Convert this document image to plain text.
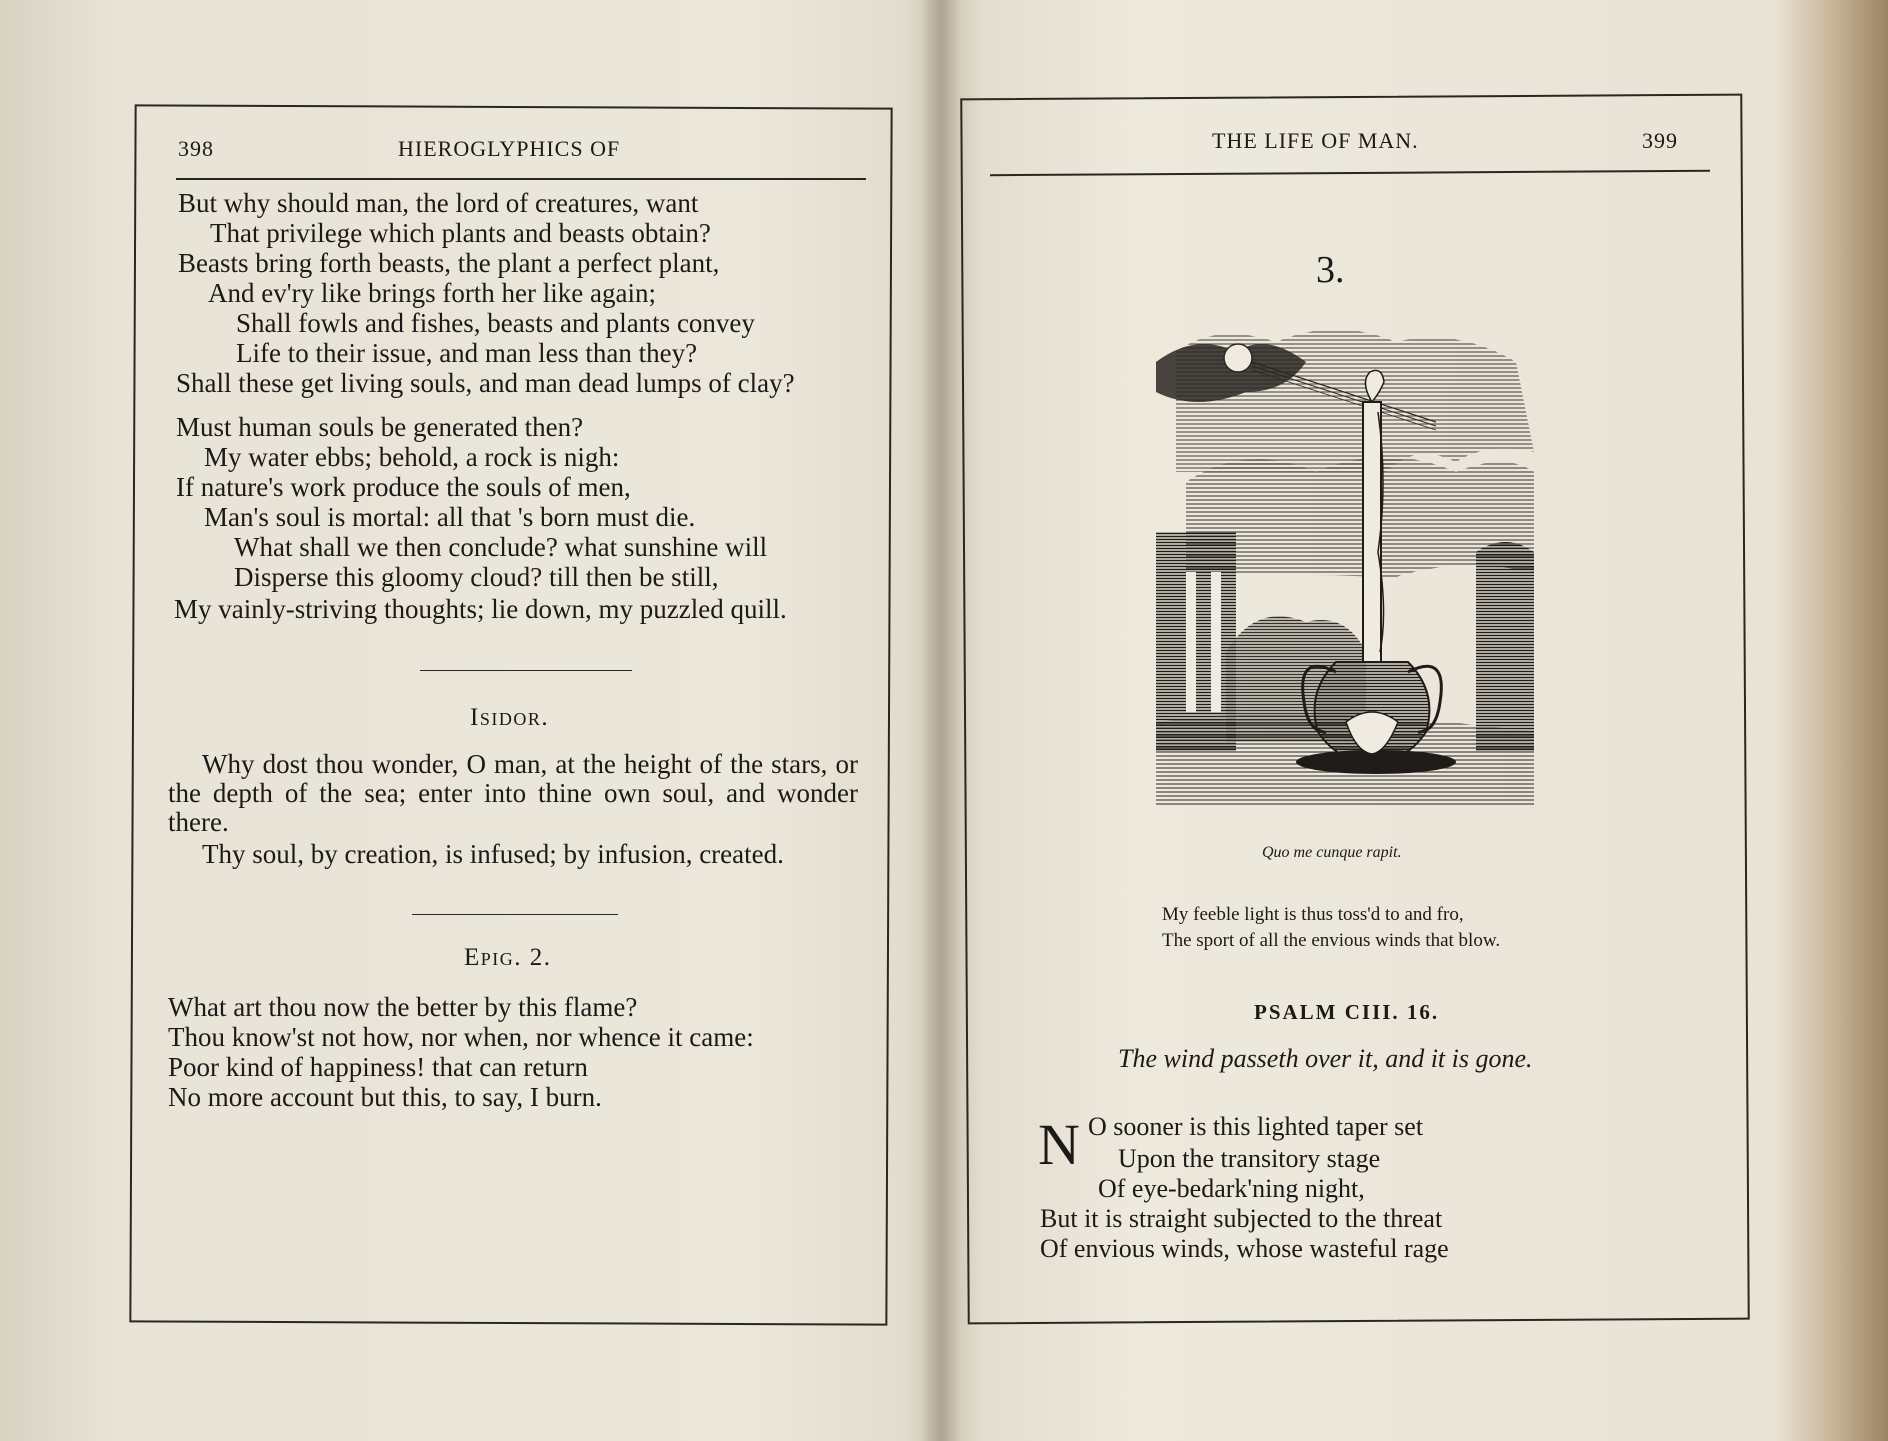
398	HIEROGLYPHICS OF
But why should man, the lord of creatures, want
That privilege which plants and beasts obtain?
Beasts bring forth beasts, the plant a perfect plant,
And ev'ry like brings forth her like again;
Shall fowls and fishes, beasts and plants convey
Life to their issue, and man less than they?
Shall these get living souls, and man dead lumps of clay?
Must human souls be generated then?
My water ebbs; behold, a rock is nigh:
If nature's work produce the souls of men,
Man's soul is mortal: all that 's born must die.
What shall we then conclude? what sunshine will
Disperse this gloomy cloud? till then be still,
My vainly-striving thoughts; lie down, my puzzled quill.
Isidor.
Why dost thou wonder, O man, at the height of the stars, or the depth of the sea; enter into thine own soul, and wonder there.
Thy soul, by creation, is infused; by infusion, created.
Epig. 2.
What art thou now the better by this flame?
Thou know'st not how, nor when, nor whence it came:
Poor kind of happiness! that can return
No more account but this, to say, I burn.
THE LIFE OF MAN.	399
3.
Quo me cunque rapit.
My feeble light is thus toss'd to and fro,
The sport of all the envious winds that blow.
PSALM CIII. 16.
The wind passeth over it, and it is gone.
N O sooner is this lighted taper set
Upon the transitory stage
Of eye-bedark'ning night,
But it is straight subjected to the threat
Of envious winds, whose wasteful rage
